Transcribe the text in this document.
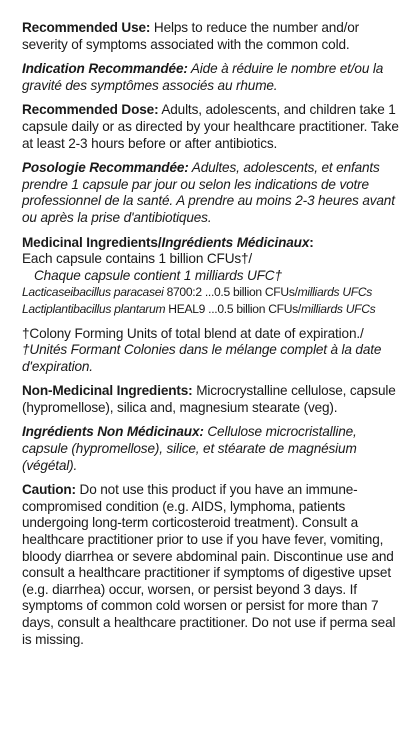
Recommended Use: Helps to reduce the number and/or severity of symptoms associated with the common cold.

Indication Recommandée: Aide à réduire le nombre et/ou la gravité des symptômes associés au rhume.

Recommended Dose: Adults, adolescents, and children take 1 capsule daily or as directed by your healthcare practitioner. Take at least 2-3 hours before or after antibiotics.

Posologie Recommandée: Adultes, adolescents, et enfants prendre 1 capsule par jour ou selon les indications de votre professionnel de la santé. A prendre au moins 2-3 heures avant ou après la prise d'antibiotiques.

Medicinal Ingredients/Ingrédients Médicinaux:
Each capsule contains 1 billion CFUs†/
Chaque capsule contient 1 milliards UFC†
Lacticaseibacillus paracasei 8700:2 ...0.5 billion CFUs/milliards UFCs
Lactiplantibacillus plantarum HEAL9 ...0.5 billion CFUs/milliards UFCs

†Colony Forming Units of total blend at date of expiration./
†Unités Formant Colonies dans le mélange complet à la date d'expiration.

Non-Medicinal Ingredients: Microcrystalline cellulose, capsule (hypromellose), silica and, magnesium stearate (veg).

Ingrédients Non Médicinaux: Cellulose microcristalline, capsule (hypromellose), silice, et stéarate de magnésium (végétal).

Caution: Do not use this product if you have an immune-compromised condition (e.g. AIDS, lymphoma, patients undergoing long-term corticosteroid treatment). Consult a healthcare practitioner prior to use if you have fever, vomiting, bloody diarrhea or severe abdominal pain. Discontinue use and consult a healthcare practitioner if symptoms of digestive upset (e.g. diarrhea) occur, worsen, or persist beyond 3 days. If symptoms of common cold worsen or persist for more than 7 days, consult a healthcare practitioner. Do not use if perma seal is missing.
